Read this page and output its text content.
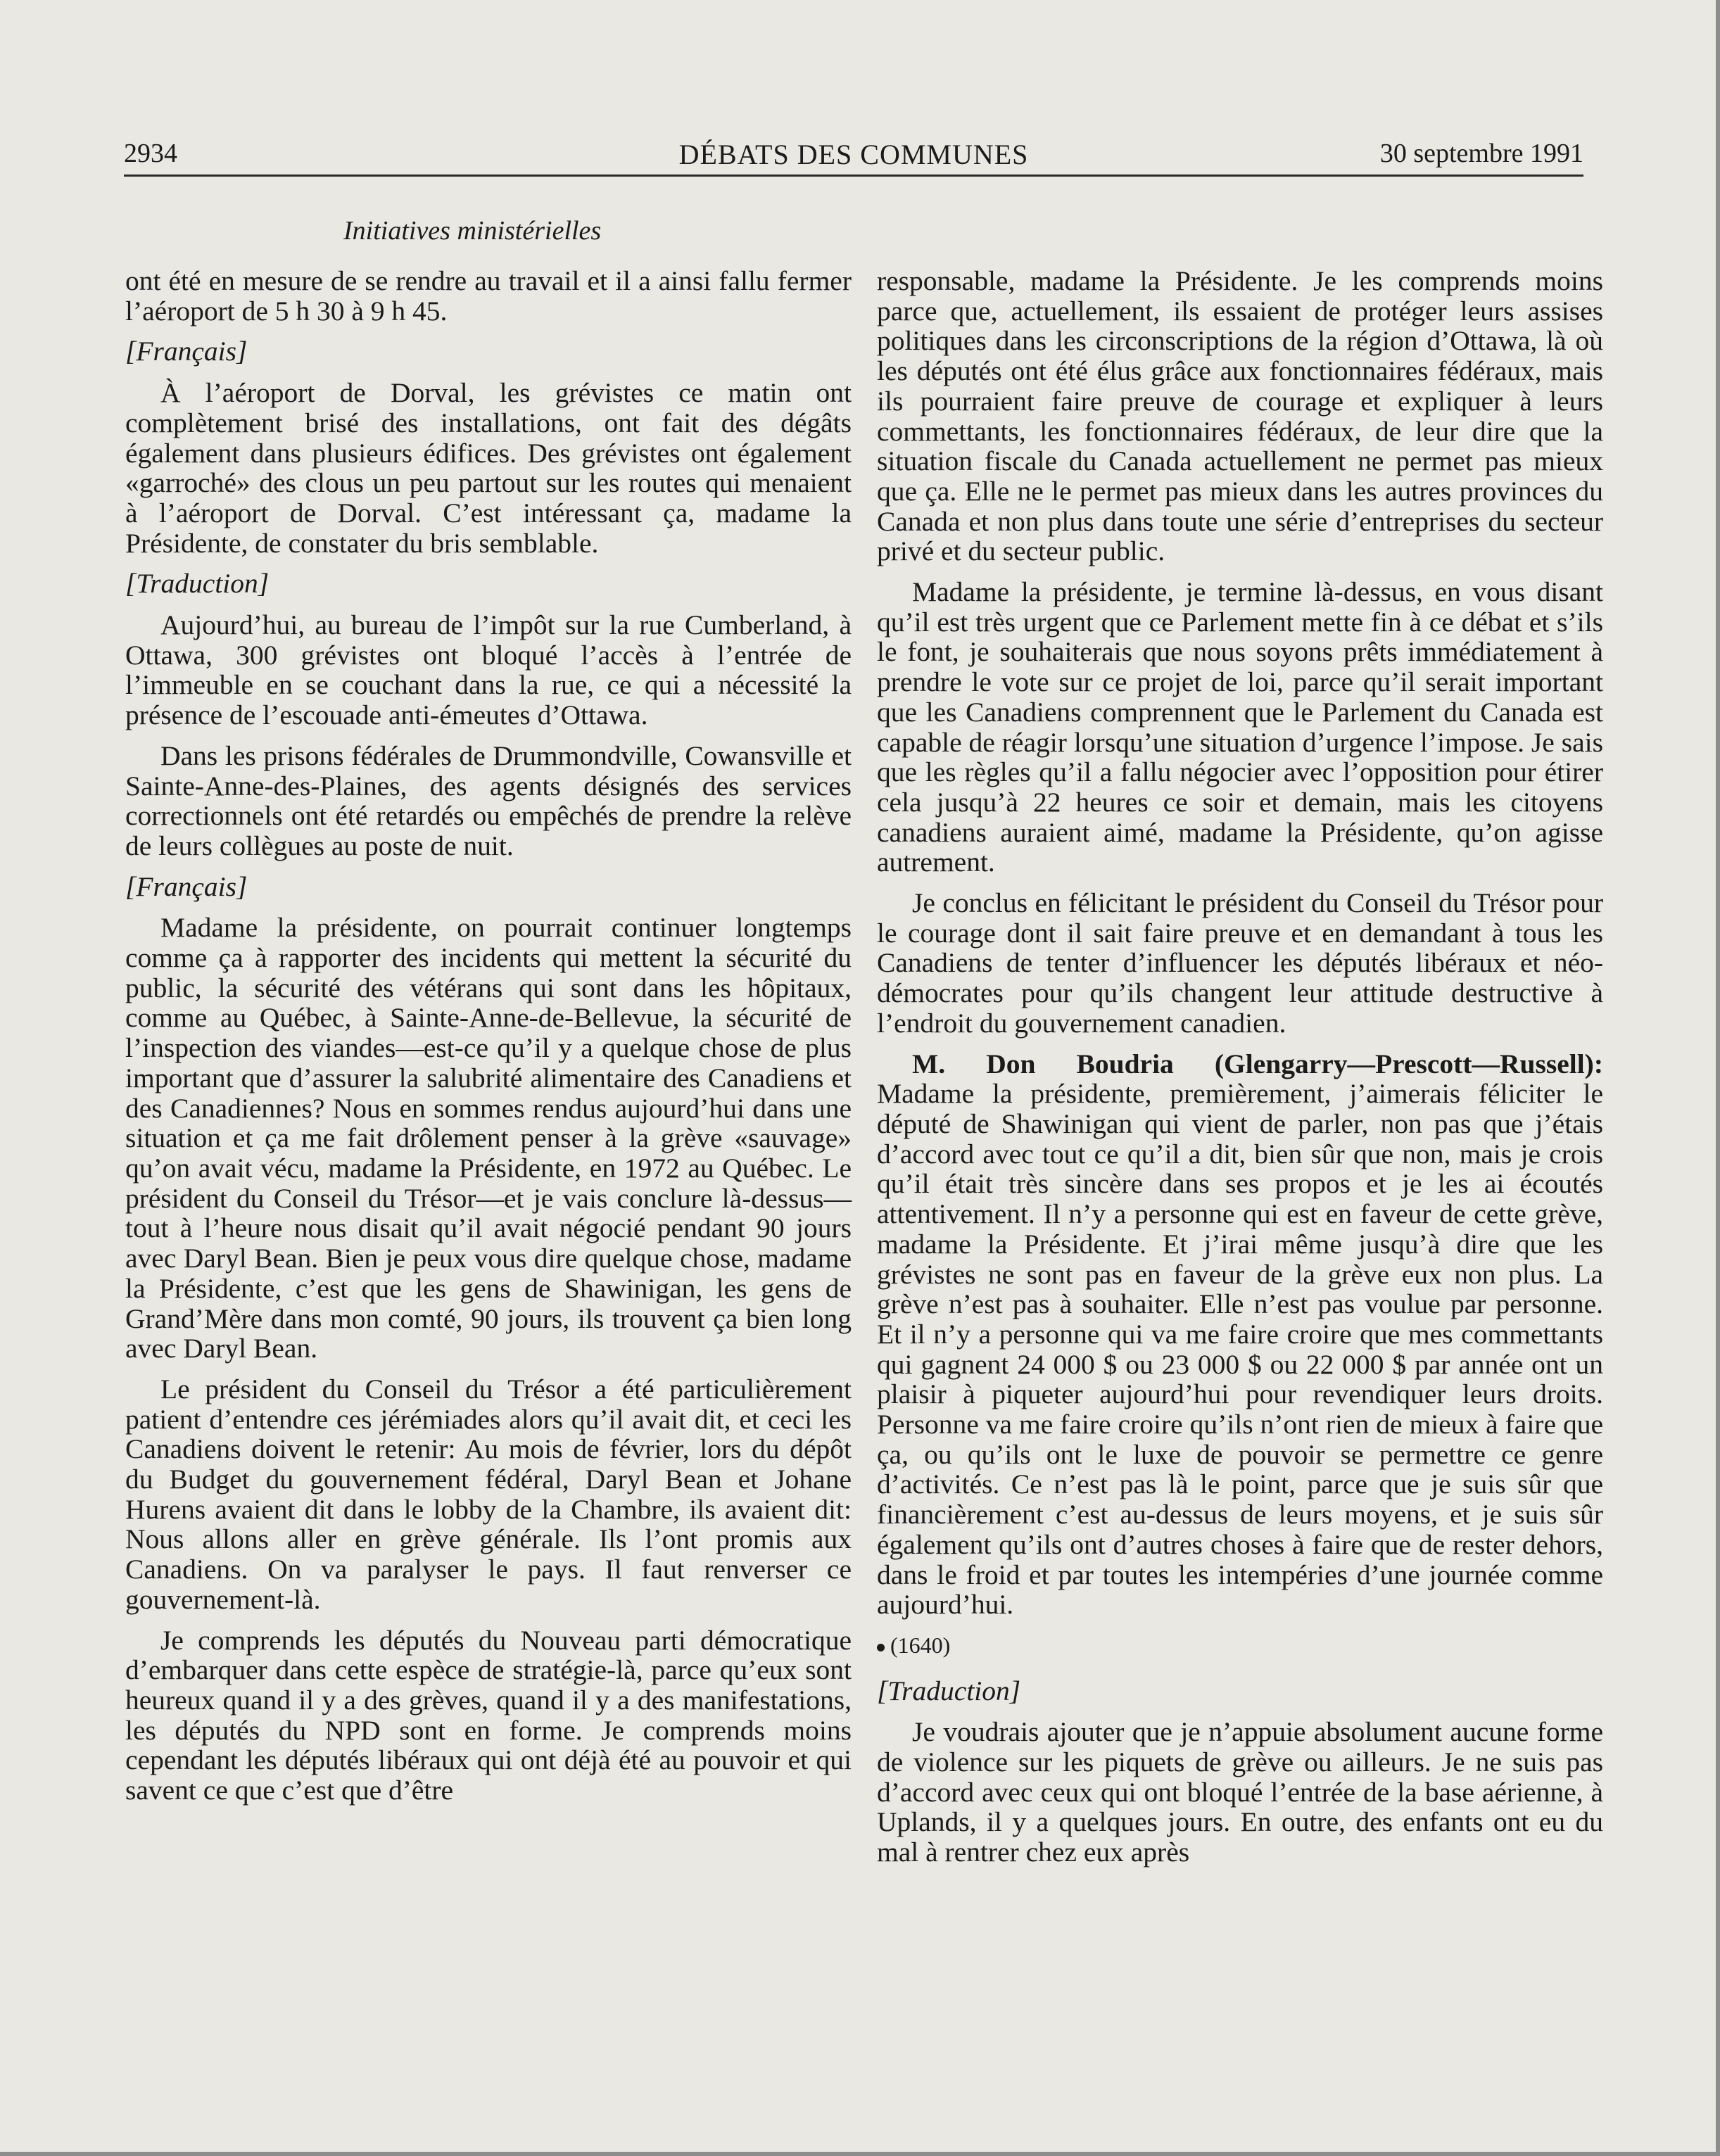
2934	DÉBATS DES COMMUNES	30 septembre 1991
Initiatives ministérielles

ont été en mesure de se rendre au travail et il a ainsi fallu fermer l’aéroport de 5 h 30 à 9 h 45.

[Français]

À l’aéroport de Dorval, les grévistes ce matin ont complètement brisé des installations, ont fait des dégâts également dans plusieurs édifices. Des grévistes ont également «garroché» des clous un peu partout sur les routes qui menaient à l’aéroport de Dorval. C’est intéressant ça, madame la Présidente, de constater du bris semblable.

[Traduction]

Aujourd’hui, au bureau de l’impôt sur la rue Cumberland, à Ottawa, 300 grévistes ont bloqué l’accès à l’entrée de l’immeuble en se couchant dans la rue, ce qui a nécessité la présence de l’escouade anti-émeutes d’Ottawa.

Dans les prisons fédérales de Drummondville, Cowansville et Sainte-Anne-des-Plaines, des agents désignés des services correctionnels ont été retardés ou empêchés de prendre la relève de leurs collègues au poste de nuit.

[Français]

Madame la présidente, on pourrait continuer longtemps comme ça à rapporter des incidents qui mettent la sécurité du public, la sécurité des vétérans qui sont dans les hôpitaux, comme au Québec, à Sainte-Anne-de-Bellevue, la sécurité de l’inspection des viandes—est-ce qu’il y a quelque chose de plus important que d’assurer la salubrité alimentaire des Canadiens et des Canadiennes? Nous en sommes rendus aujourd’hui dans une situation et ça me fait drôlement penser à la grève «sauvage» qu’on avait vécu, madame la Présidente, en 1972 au Québec. Le président du Conseil du Trésor—et je vais conclure là-dessus—tout à l’heure nous disait qu’il avait négocié pendant 90 jours avec Daryl Bean. Bien je peux vous dire quelque chose, madame la Présidente, c’est que les gens de Shawinigan, les gens de Grand’Mère dans mon comté, 90 jours, ils trouvent ça bien long avec Daryl Bean.

Le président du Conseil du Trésor a été particulièrement patient d’entendre ces jérémiades alors qu’il avait dit, et ceci les Canadiens doivent le retenir: Au mois de février, lors du dépôt du Budget du gouvernement fédéral, Daryl Bean et Johane Hurens avaient dit dans le lobby de la Chambre, ils avaient dit: Nous allons aller en grève générale. Ils l’ont promis aux Canadiens. On va paralyser le pays. Il faut renverser ce gouvernement-là.

Je comprends les députés du Nouveau parti démocratique d’embarquer dans cette espèce de stratégie-là, parce qu’eux sont heureux quand il y a des grèves, quand il y a des manifestations, les députés du NPD sont en forme. Je comprends moins cependant les députés libéraux qui ont déjà été au pouvoir et qui savent ce que c’est que d’être

responsable, madame la Présidente. Je les comprends moins parce que, actuellement, ils essaient de protéger leurs assises politiques dans les circonscriptions de la région d’Ottawa, là où les députés ont été élus grâce aux fonctionnaires fédéraux, mais ils pourraient faire preuve de courage et expliquer à leurs commettants, les fonctionnaires fédéraux, de leur dire que la situation fiscale du Canada actuellement ne permet pas mieux que ça. Elle ne le permet pas mieux dans les autres provinces du Canada et non plus dans toute une série d’entreprises du secteur privé et du secteur public.

Madame la présidente, je termine là-dessus, en vous disant qu’il est très urgent que ce Parlement mette fin à ce débat et s’ils le font, je souhaiterais que nous soyons prêts immédiatement à prendre le vote sur ce projet de loi, parce qu’il serait important que les Canadiens comprennent que le Parlement du Canada est capable de réagir lorsqu’une situation d’urgence l’impose. Je sais que les règles qu’il a fallu négocier avec l’opposition pour étirer cela jusqu’à 22 heures ce soir et demain, mais les citoyens canadiens auraient aimé, madame la Présidente, qu’on agisse autrement.

Je conclus en félicitant le président du Conseil du Trésor pour le courage dont il sait faire preuve et en demandant à tous les Canadiens de tenter d’influencer les députés libéraux et néo-démocrates pour qu’ils changent leur attitude destructive à l’endroit du gouvernement canadien.

M. Don Boudria (Glengarry—Prescott—Russell): Madame la présidente, premièrement, j’aimerais féliciter le député de Shawinigan qui vient de parler, non pas que j’étais d’accord avec tout ce qu’il a dit, bien sûr que non, mais je crois qu’il était très sincère dans ses propos et je les ai écoutés attentivement. Il n’y a personne qui est en faveur de cette grève, madame la Présidente. Et j’irai même jusqu’à dire que les grévistes ne sont pas en faveur de la grève eux non plus. La grève n’est pas à souhaiter. Elle n’est pas voulue par personne. Et il n’y a personne qui va me faire croire que mes commettants qui gagnent 24 000 $ ou 23 000 $ ou 22 000 $ par année ont un plaisir à piqueter aujourd’hui pour revendiquer leurs droits. Personne va me faire croire qu’ils n’ont rien de mieux à faire que ça, ou qu’ils ont le luxe de pouvoir se permettre ce genre d’activités. Ce n’est pas là le point, parce que je suis sûr que financièrement c’est au-dessus de leurs moyens, et je suis sûr également qu’ils ont d’autres choses à faire que de rester dehors, dans le froid et par toutes les intempéries d’une journée comme aujourd’hui.

(1640)

[Traduction]

Je voudrais ajouter que je n’appuie absolument aucune forme de violence sur les piquets de grève ou ailleurs. Je ne suis pas d’accord avec ceux qui ont bloqué l’entrée de la base aérienne, à Uplands, il y a quelques jours. En outre, des enfants ont eu du mal à rentrer chez eux après
